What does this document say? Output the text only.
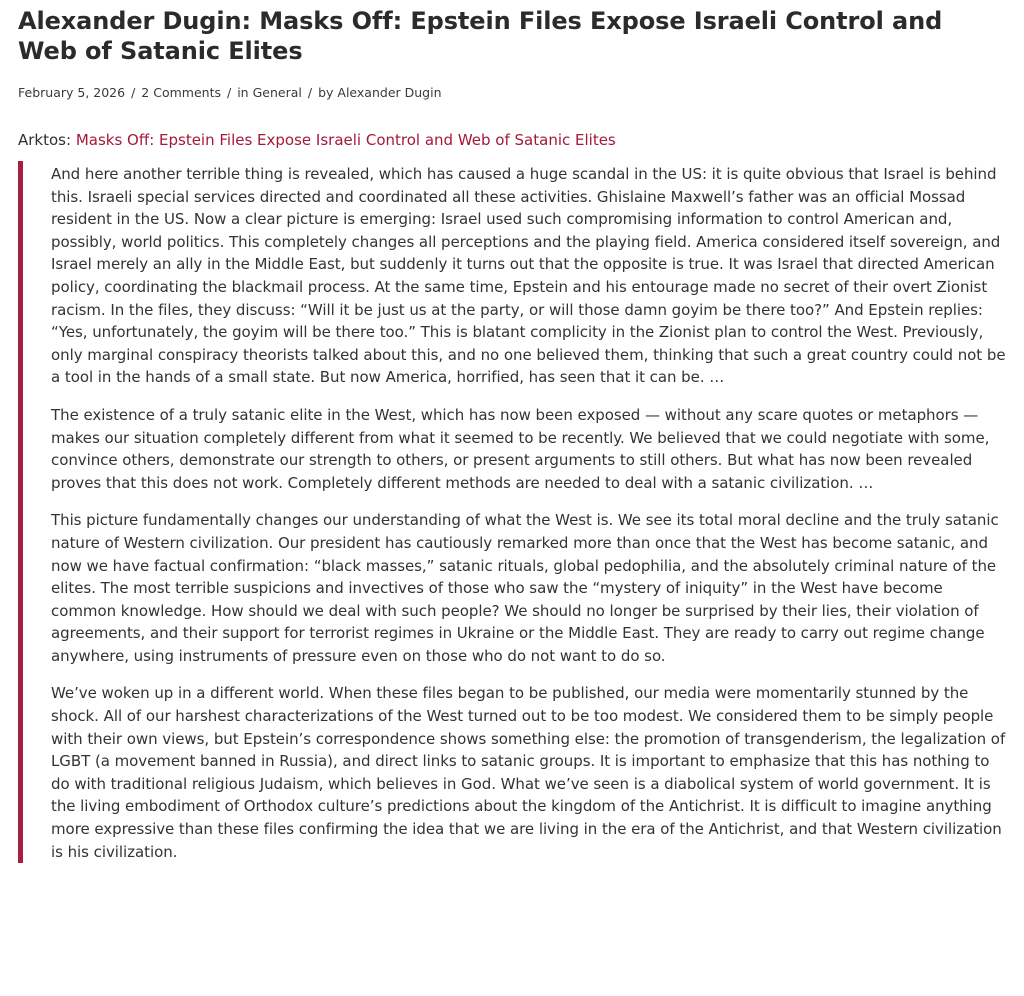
Alexander Dugin: Masks Off: Epstein Files Expose Israeli Control and Web of Satanic Elites
February 5, 2026 / 2 Comments / in General / by Alexander Dugin
Arktos: Masks Off: Epstein Files Expose Israeli Control and Web of Satanic Elites

And here another terrible thing is revealed, which has caused a huge scandal in the US: it is quite obvious that Israel is behind this. Israeli special services directed and coordinated all these activities. Ghislaine Maxwell’s father was an official Mossad resident in the US. Now a clear picture is emerging: Israel used such compromising information to control American and, possibly, world politics. This completely changes all perceptions and the playing field. America considered itself sovereign, and Israel merely an ally in the Middle East, but suddenly it turns out that the opposite is true. It was Israel that directed American policy, coordinating the blackmail process. At the same time, Epstein and his entourage made no secret of their overt Zionist racism. In the files, they discuss: “Will it be just us at the party, or will those damn goyim be there too?” And Epstein replies: “Yes, unfortunately, the goyim will be there too.” This is blatant complicity in the Zionist plan to control the West. Previously, only marginal conspiracy theorists talked about this, and no one believed them, thinking that such a great country could not be a tool in the hands of a small state. But now America, horrified, has seen that it can be. …

The existence of a truly satanic elite in the West, which has now been exposed — without any scare quotes or metaphors — makes our situation completely different from what it seemed to be recently. We believed that we could negotiate with some, convince others, demonstrate our strength to others, or present arguments to still others. But what has now been revealed proves that this does not work. Completely different methods are needed to deal with a satanic civilization. …

This picture fundamentally changes our understanding of what the West is. We see its total moral decline and the truly satanic nature of Western civilization. Our president has cautiously remarked more than once that the West has become satanic, and now we have factual confirmation: “black masses,” satanic rituals, global pedophilia, and the absolutely criminal nature of the elites. The most terrible suspicions and invectives of those who saw the “mystery of iniquity” in the West have become common knowledge. How should we deal with such people? We should no longer be surprised by their lies, their violation of agreements, and their support for terrorist regimes in Ukraine or the Middle East. They are ready to carry out regime change anywhere, using instruments of pressure even on those who do not want to do so.

We’ve woken up in a different world. When these files began to be published, our media were momentarily stunned by the shock. All of our harshest characterizations of the West turned out to be too modest. We considered them to be simply people with their own views, but Epstein’s correspondence shows something else: the promotion of transgenderism, the legalization of LGBT (a movement banned in Russia), and direct links to satanic groups. It is important to emphasize that this has nothing to do with traditional religious Judaism, which believes in God. What we’ve seen is a diabolical system of world government. It is the living embodiment of Orthodox culture’s predictions about the kingdom of the Antichrist. It is difficult to imagine anything more expressive than these files confirming the idea that we are living in the era of the Antichrist, and that Western civilization is his civilization.
